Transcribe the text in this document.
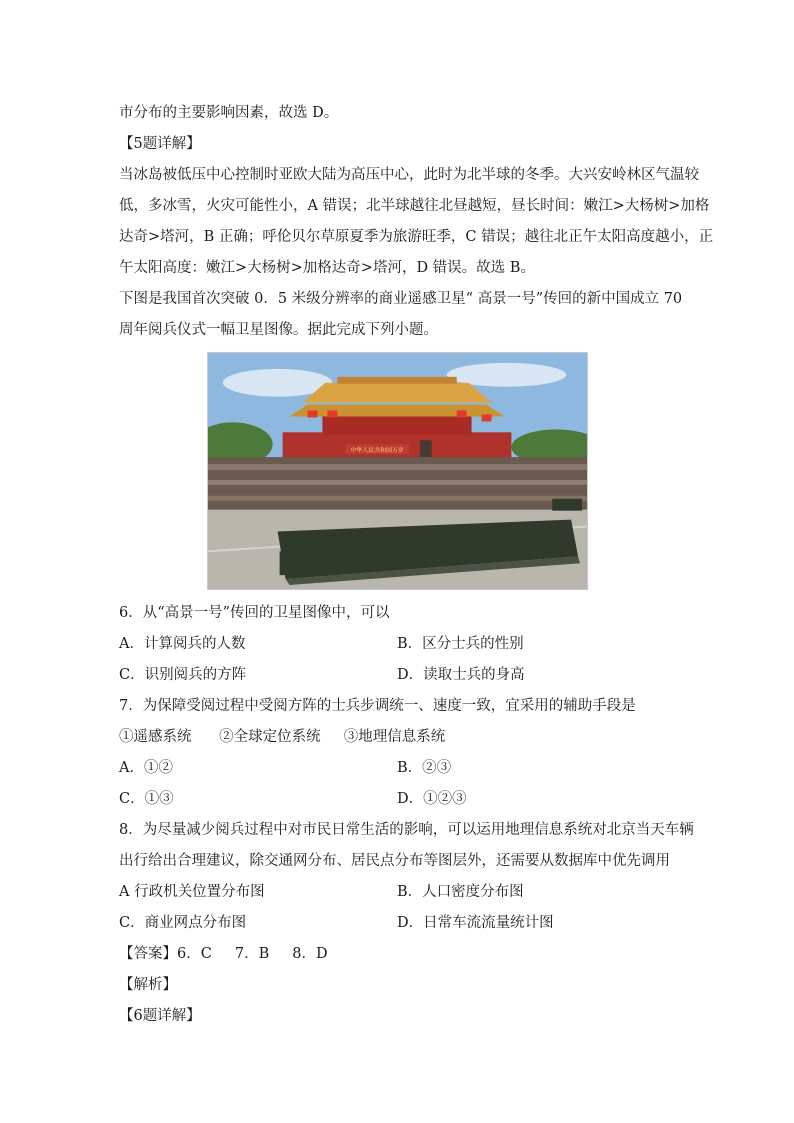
市分布的主要影响因素，故选 D。
【5题详解】
当冰岛被低压中心控制时亚欧大陆为高压中心，此时为北半球的冬季。大兴安岭林区气温较
低，多冰雪，火灾可能性小，A 错误；北半球越往北昼越短，昼长时间：嫩江>大杨树>加格
达奇>塔河，B 正确；呼伦贝尔草原夏季为旅游旺季，C 错误；越往北正午太阳高度越小，正
午太阳高度：嫩江>大杨树>加格达奇>塔河，D 错误。故选 B。
下图是我国首次突破 0．5 米级分辨率的商业遥感卫星“ 高景一号”传回的新中国成立 70
周年阅兵仪式一幅卫星图像。据此完成下列小题。
中华人民共和国万岁
6．从“高景一号”传回的卫星图像中，可以
A．计算阅兵的人数	B．区分士兵的性别
C．识别阅兵的方阵	D．读取士兵的身高
7．为保障受阅过程中受阅方阵的士兵步调统一、速度一致，宜采用的辅助手段是
①遥感系统      ②全球定位系统     ③地理信息系统
A．①②	B．②③
C．①③	D．①②③
8．为尽量减少阅兵过程中对市民日常生活的影响，可以运用地理信息系统对北京当天车辆
出行给出合理建议，除交通网分布、居民点分布等图层外，还需要从数据库中优先调用
A 行政机关位置分布图	B．人口密度分布图
C．商业网点分布图	D．日常车流流量统计图
【答案】6．C     7．B     8．D
【解析】
【6题详解】
